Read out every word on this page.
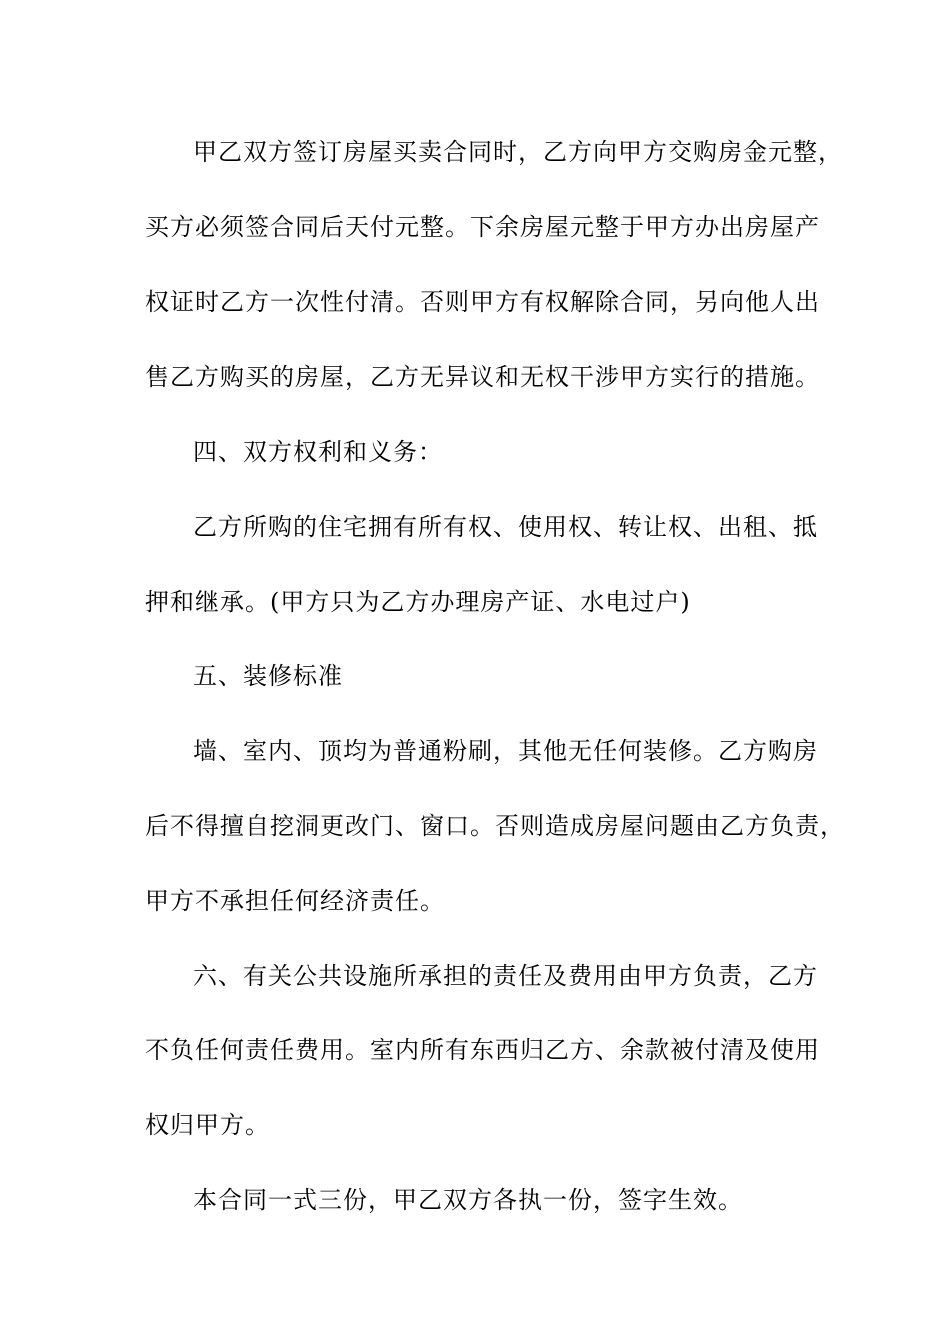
甲乙双方签订房屋买卖合同时，乙方向甲方交购房金元整，
买方必须签合同后天付元整。下余房屋元整于甲方办出房屋产
权证时乙方一次性付清。否则甲方有权解除合同，另向他人出
售乙方购买的房屋，乙方无异议和无权干涉甲方实行的措施。
四、双方权利和义务：
乙方所购的住宅拥有所有权、使用权、转让权、出租、抵
押和继承。(甲方只为乙方办理房产证、水电过户)
五、装修标准
墙、室内、顶均为普通粉刷，其他无任何装修。乙方购房
后不得擅自挖洞更改门、窗口。否则造成房屋问题由乙方负责，
甲方不承担任何经济责任。
六、有关公共设施所承担的责任及费用由甲方负责，乙方
不负任何责任费用。室内所有东西归乙方、余款被付清及使用
权归甲方。
本合同一式三份，甲乙双方各执一份，签字生效。
